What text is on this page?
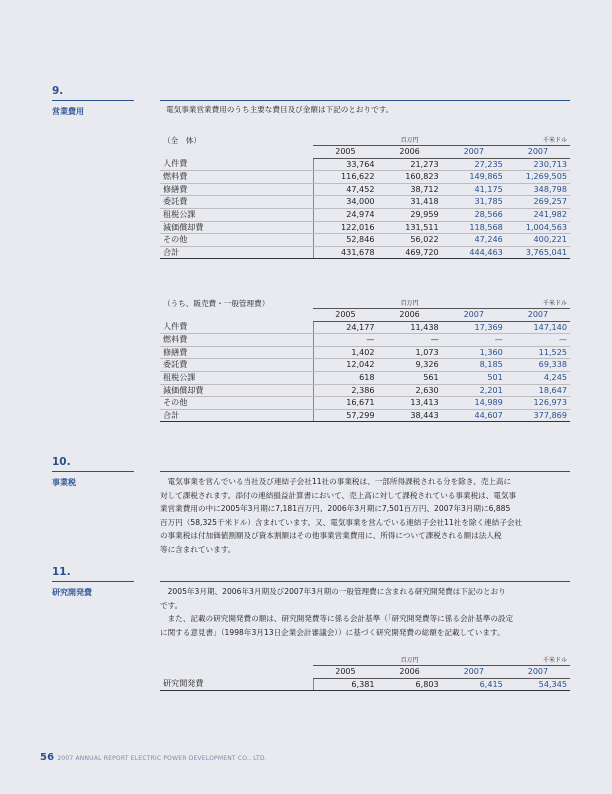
9.
営業費用	電気事業営業費用のうち主要な費目及び金額は下記のとおりです。

（全　体）		百万円		千米ドル
	2005	2006	2007	2007
人件費	33,764	21,273	27,235	230,713
燃料費	116,622	160,823	149,865	1,269,505
修繕費	47,452	38,712	41,175	348,798
委託費	34,000	31,418	31,785	269,257
租税公課	24,974	29,959	28,566	241,982
減価償却費	122,016	131,511	118,568	1,004,563
その他	52,846	56,022	47,246	400,221
合計	431,678	469,720	444,463	3,765,041
（うち、販売費・一般管理費）		百万円		千米ドル
	2005	2006	2007	2007
人件費	24,177	11,438	17,369	147,140
燃料費	—	—	—	—
修繕費	1,402	1,073	1,360	11,525
委託費	12,042	9,326	8,185	69,338
租税公課	618	561	501	4,245
減価償却費	2,386	2,630	2,201	18,647
その他	16,671	13,413	14,989	126,973
合計	57,299	38,443	44,607	377,869
10.
事業税	電気事業を営んでいる当社及び連結子会社11社の事業税は、一部所得課税される分を除き、売上高に
対して課税されます。添付の連結損益計算書において、売上高に対して課税されている事業税は、電気事
業営業費用の中に2005年3月期に7,181百万円、2006年3月期に7,501百万円、2007年3月期に6,885
百万円（58,325千米ドル）含まれています。又、電気事業を営んでいる連結子会社11社を除く連結子会社
の事業税は付加価値割額及び資本割額はその他事業営業費用に、所得について課税される額は法人税
等に含まれています。
11.
研究開発費	2005年3月期、2006年3月期及び2007年3月期の一般管理費に含まれる研究開発費は下記のとおり
です。
また、記載の研究開発費の額は、研究開発費等に係る会計基準（「研究開発費等に係る会計基準の設定
に関する意見書」（1998年3月13日企業会計審議会））に基づく研究開発費の総額を記載しています。
		百万円		千米ドル
	2005	2006	2007	2007
研究開発費	6,381	6,803	6,415	54,345
56 2007 ANNUAL REPORT ELECTRIC POWER DEVELOPMENT CO., LTD.
